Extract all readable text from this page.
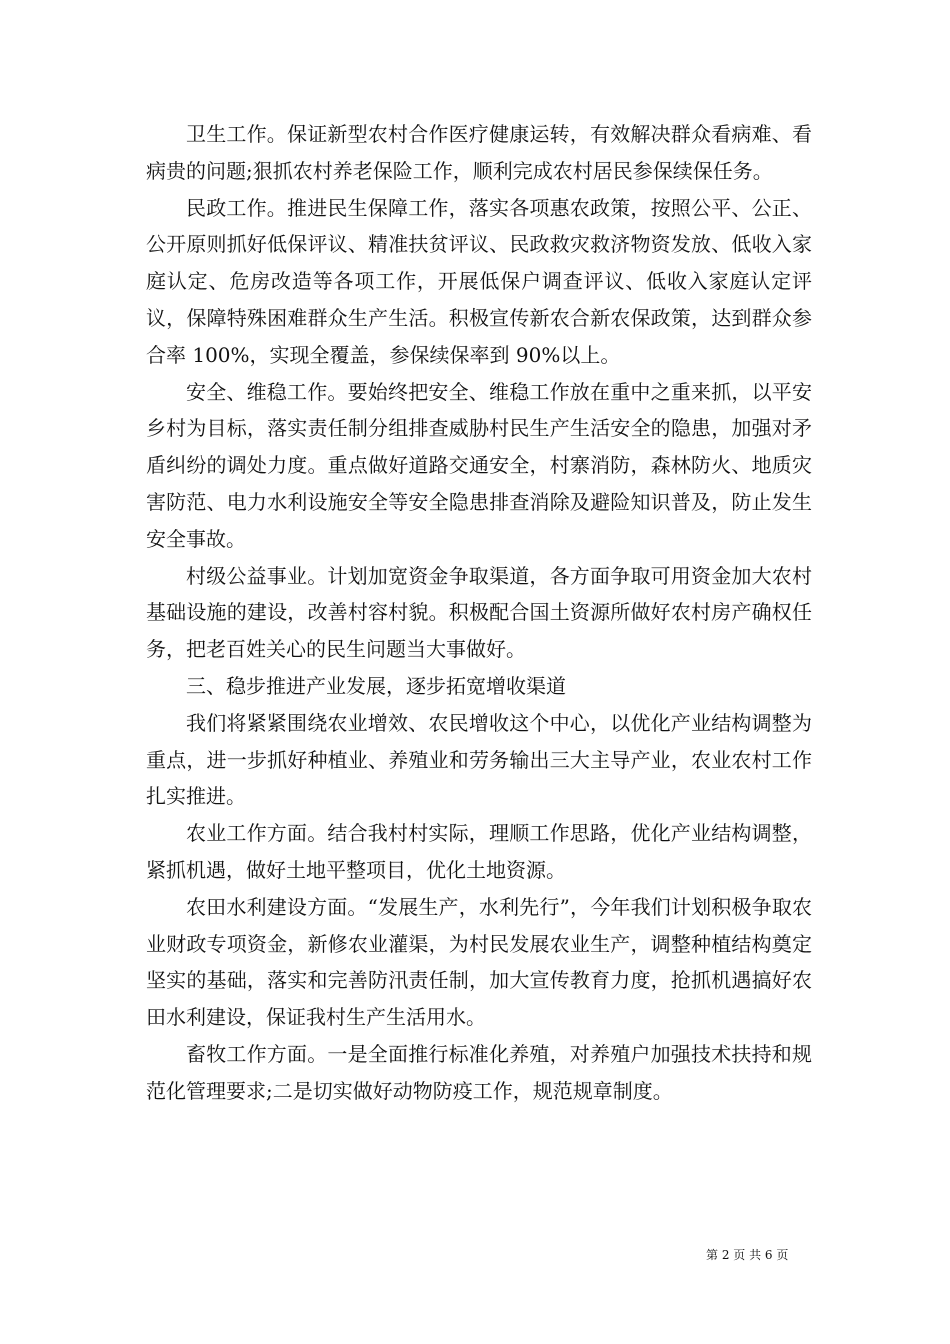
卫生工作。保证新型农村合作医疗健康运转，有效解决群众看病难、看病贵的问题;狠抓农村养老保险工作，顺利完成农村居民参保续保任务。

民政工作。推进民生保障工作，落实各项惠农政策，按照公平、公正、公开原则抓好低保评议、精准扶贫评议、民政救灾救济物资发放、低收入家庭认定、危房改造等各项工作，开展低保户调查评议、低收入家庭认定评议，保障特殊困难群众生产生活。积极宣传新农合新农保政策，达到群众参合率 100%，实现全覆盖，参保续保率到 90%以上。

安全、维稳工作。要始终把安全、维稳工作放在重中之重来抓，以平安乡村为目标，落实责任制分组排查威胁村民生产生活安全的隐患，加强对矛盾纠纷的调处力度。重点做好道路交通安全，村寨消防，森林防火、地质灾害防范、电力水利设施安全等安全隐患排查消除及避险知识普及，防止发生安全事故。

村级公益事业。计划加宽资金争取渠道，各方面争取可用资金加大农村基础设施的建设，改善村容村貌。积极配合国土资源所做好农村房产确权任务，把老百姓关心的民生问题当大事做好。

三、稳步推进产业发展，逐步拓宽增收渠道

我们将紧紧围绕农业增效、农民增收这个中心，以优化产业结构调整为重点，进一步抓好种植业、养殖业和劳务输出三大主导产业，农业农村工作扎实推进。

农业工作方面。结合我村村实际，理顺工作思路，优化产业结构调整，紧抓机遇，做好土地平整项目，优化土地资源。

农田水利建设方面。“发展生产，水利先行”，今年我们计划积极争取农业财政专项资金，新修农业灌渠，为村民发展农业生产，调整种植结构奠定坚实的基础，落实和完善防汛责任制，加大宣传教育力度，抢抓机遇搞好农田水利建设，保证我村生产生活用水。

畜牧工作方面。一是全面推行标准化养殖，对养殖户加强技术扶持和规范化管理要求;二是切实做好动物防疫工作，规范规章制度。

第 2 页 共 6 页
